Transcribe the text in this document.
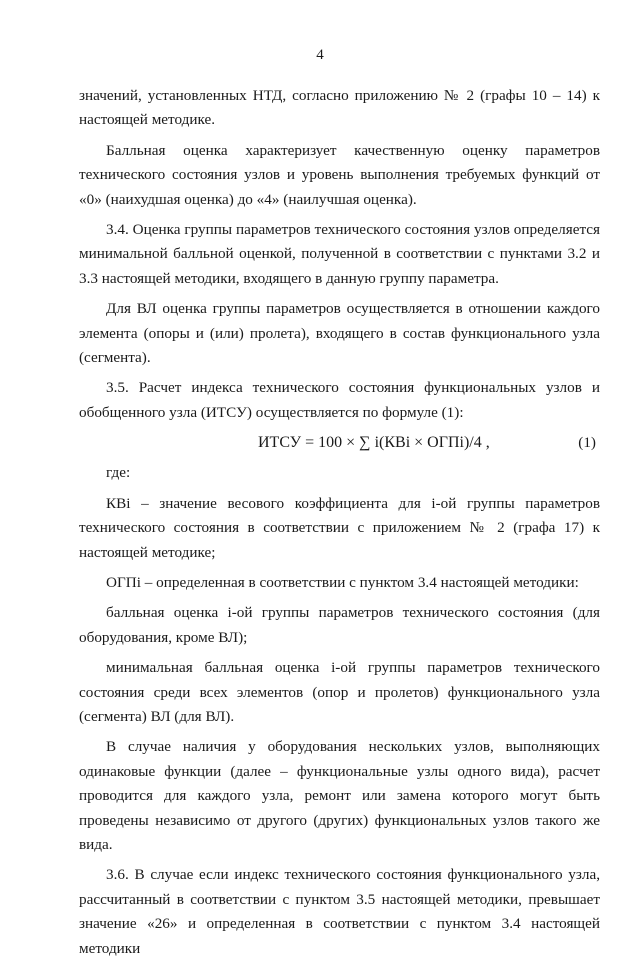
4

значений, установленных НТД, согласно приложению № 2 (графы 10 – 14) к настоящей методике.

Балльная оценка характеризует качественную оценку параметров технического состояния узлов и уровень выполнения требуемых функций от «0» (наихудшая оценка) до «4» (наилучшая оценка).

3.4. Оценка группы параметров технического состояния узлов определяется минимальной балльной оценкой, полученной в соответствии с пунктами 3.2 и 3.3 настоящей методики, входящего в данную группу параметра.

Для ВЛ оценка группы параметров осуществляется в отношении каждого элемента (опоры и (или) пролета), входящего в состав функционального узла (сегмента).

3.5. Расчет индекса технического состояния функциональных узлов и обобщенного узла (ИТСУ) осуществляется по формуле (1):

ИТСУ = 100 × ∑ i(КВi × ОГПi)/4 ,	(1)

где:

КВi – значение весового коэффициента для i-ой группы параметров технического состояния в соответствии с приложением № 2 (графа 17) к настоящей методике;

ОГПi – определенная в соответствии с пунктом 3.4 настоящей методики:

балльная оценка i-ой группы параметров технического состояния (для оборудования, кроме ВЛ);

минимальная балльная оценка i-ой группы параметров технического состояния среди всех элементов (опор и пролетов) функционального узла (сегмента) ВЛ (для ВЛ).

В случае наличия у оборудования нескольких узлов, выполняющих одинаковые функции (далее – функциональные узлы одного вида), расчет проводится для каждого узла, ремонт или замена которого могут быть проведены независимо от другого (других) функциональных узлов такого же вида.

3.6. В случае если индекс технического состояния функционального узла, рассчитанный в соответствии с пунктом 3.5 настоящей методики, превышает значение «26» и определенная в соответствии с пунктом 3.4 настоящей методики
